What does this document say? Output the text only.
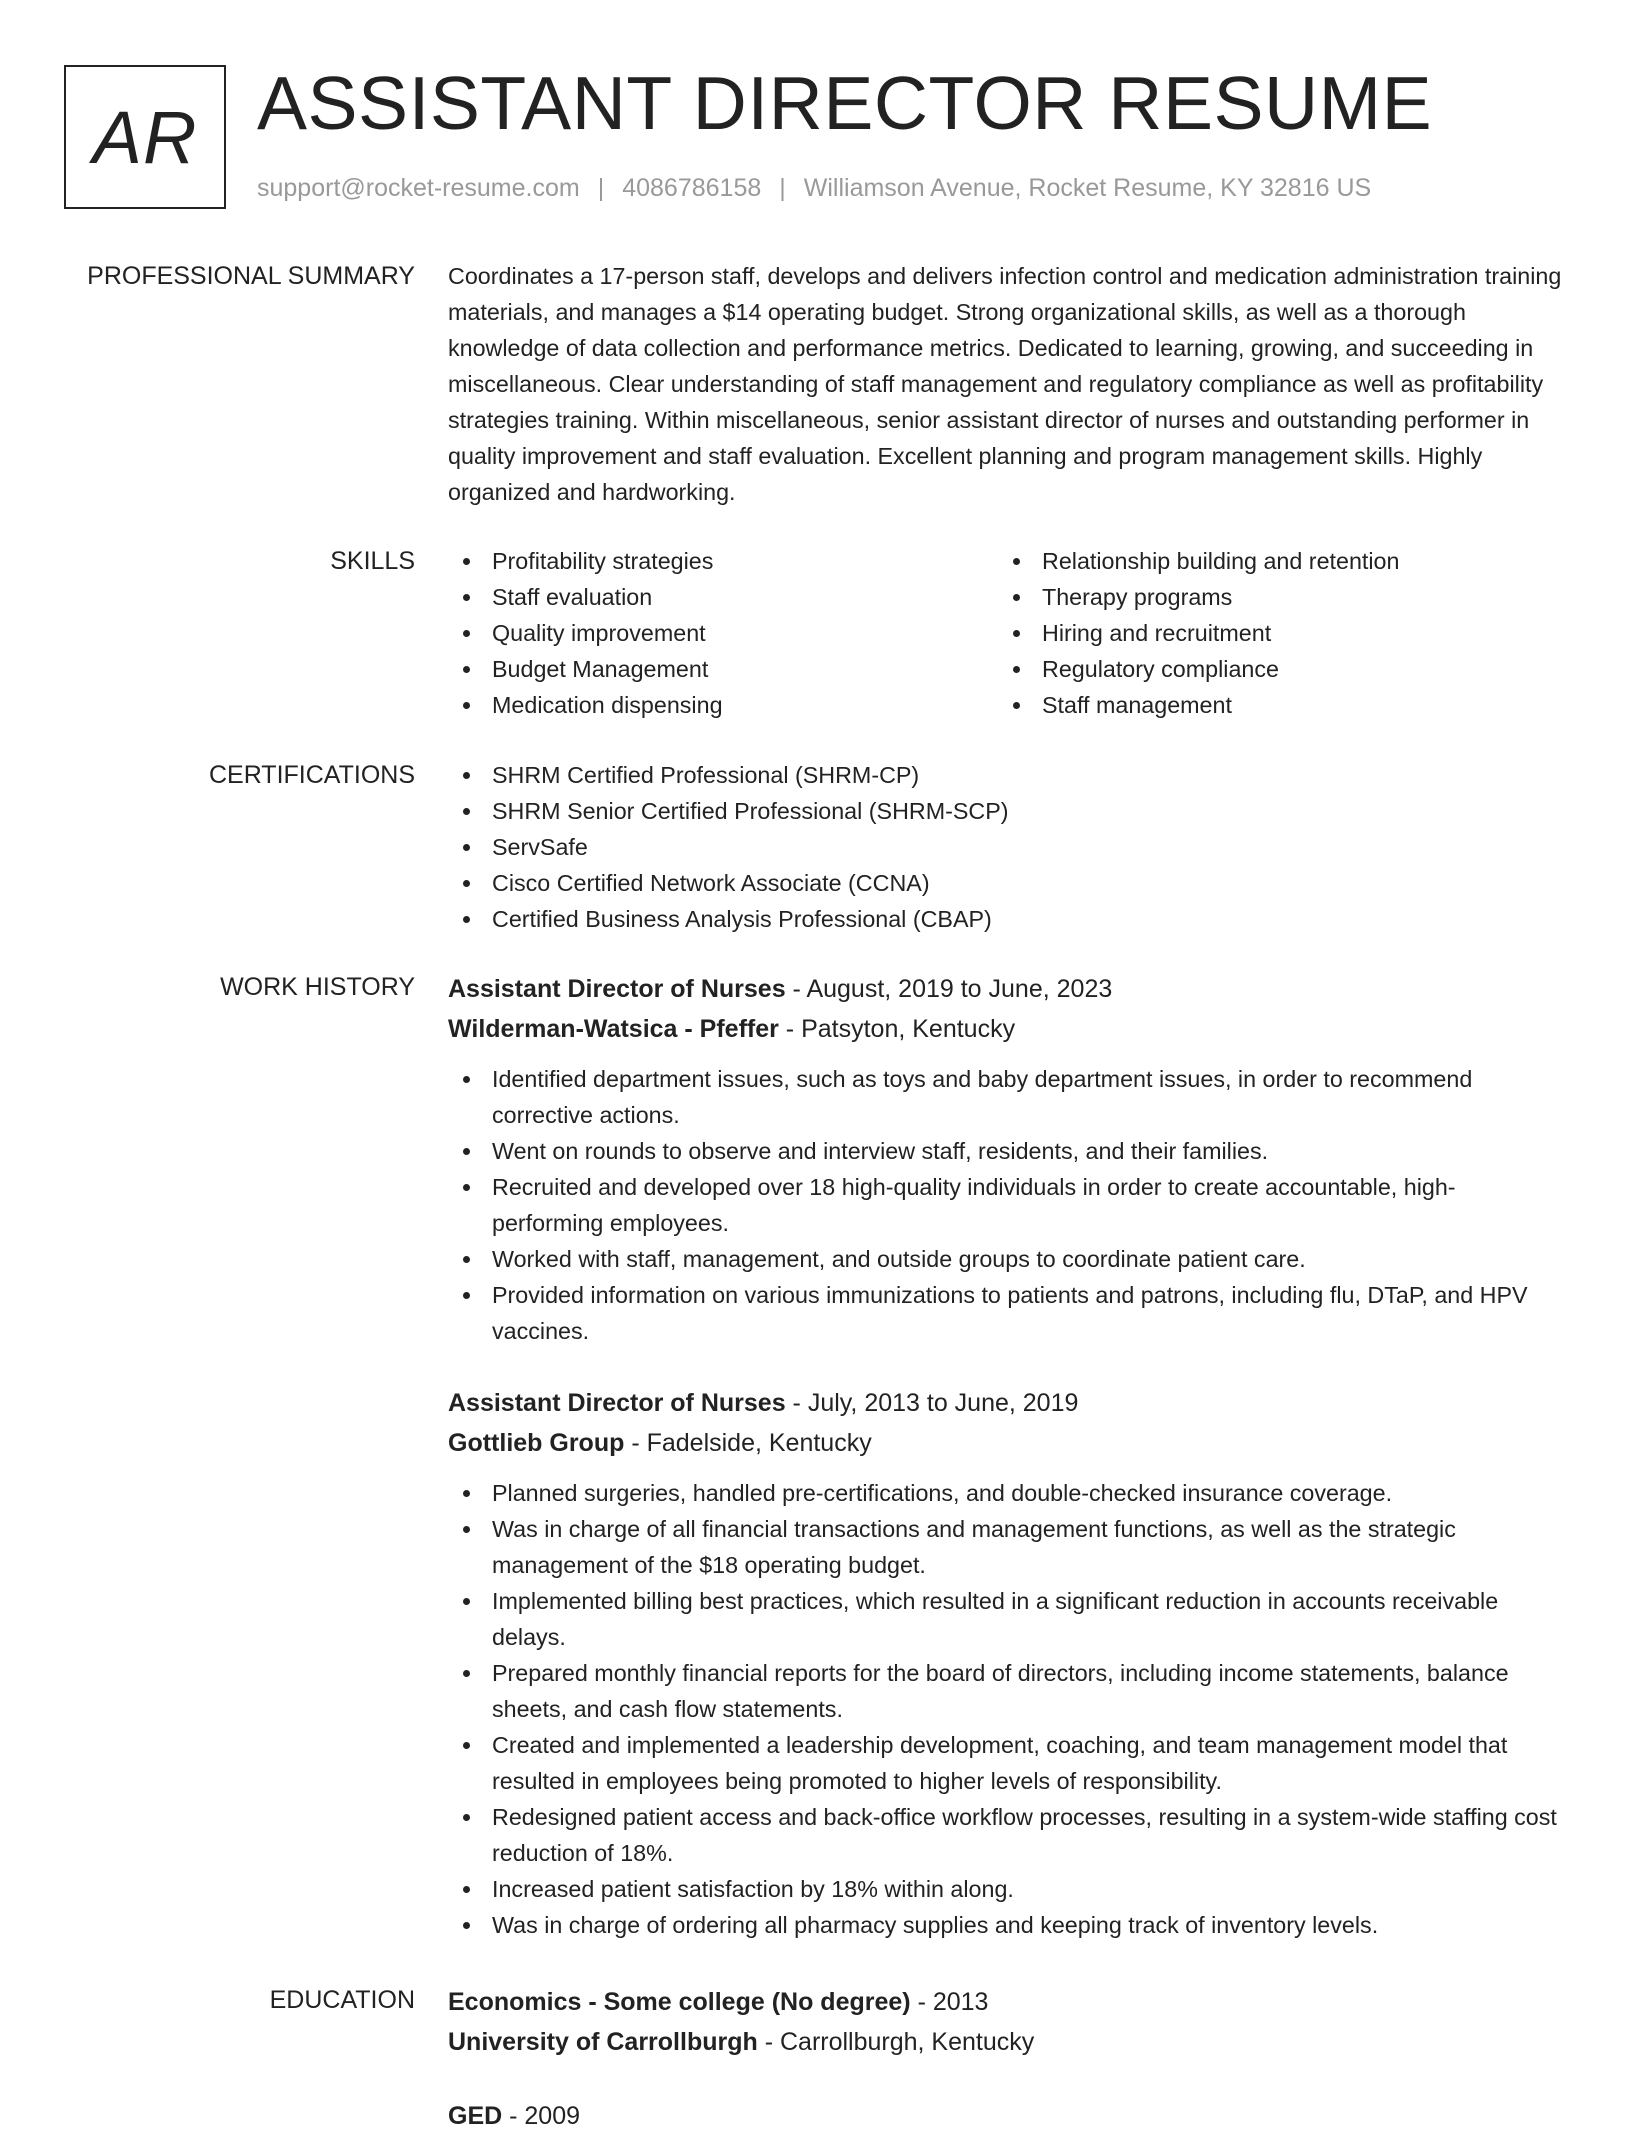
AR ASSISTANT DIRECTOR RESUME
support@rocket-resume.com | 4086786158 | Williamson Avenue, Rocket Resume, KY 32816 US
PROFESSIONAL SUMMARY Coordinates a 17-person staff, develops and delivers infection control and medication administration training materials, and manages a $14 operating budget. Strong organizational skills, as well as a thorough knowledge of data collection and performance metrics. Dedicated to learning, growing, and succeeding in miscellaneous. Clear understanding of staff management and regulatory compliance as well as profitability strategies training. Within miscellaneous, senior assistant director of nurses and outstanding performer in quality improvement and staff evaluation. Excellent planning and program management skills. Highly organized and hardworking.
SKILLS	Profitability strategies
Staff evaluation
Quality improvement
Budget Management
Medication dispensing
Relationship building and retention
Therapy programs
Hiring and recruitment
Regulatory compliance
Staff management
CERTIFICATIONS	SHRM Certified Professional (SHRM-CP)
SHRM Senior Certified Professional (SHRM-SCP)
ServSafe
Cisco Certified Network Associate (CCNA)
Certified Business Analysis Professional (CBAP)
WORK HISTORY Assistant Director of Nurses - August, 2019 to June, 2023
Wilderman-Watsica - Pfeffer - Patsyton, Kentucky
Identified department issues, such as toys and baby department issues, in order to recommend corrective actions.
Went on rounds to observe and interview staff, residents, and their families.
Recruited and developed over 18 high-quality individuals in order to create accountable, high-performing employees.
Worked with staff, management, and outside groups to coordinate patient care.
Provided information on various immunizations to patients and patrons, including flu, DTaP, and HPV vaccines.
Assistant Director of Nurses - July, 2013 to June, 2019
Gottlieb Group - Fadelside, Kentucky
Planned surgeries, handled pre-certifications, and double-checked insurance coverage.
Was in charge of all financial transactions and management functions, as well as the strategic management of the $18 operating budget.
Implemented billing best practices, which resulted in a significant reduction in accounts receivable delays.
Prepared monthly financial reports for the board of directors, including income statements, balance sheets, and cash flow statements.
Created and implemented a leadership development, coaching, and team management model that resulted in employees being promoted to higher levels of responsibility.
Redesigned patient access and back-office workflow processes, resulting in a system-wide staffing cost reduction of 18%.
Increased patient satisfaction by 18% within along.
Was in charge of ordering all pharmacy supplies and keeping track of inventory levels.
EDUCATION Economics - Some college (No degree) - 2013
University of Carrollburgh - Carrollburgh, Kentucky
GED - 2009
